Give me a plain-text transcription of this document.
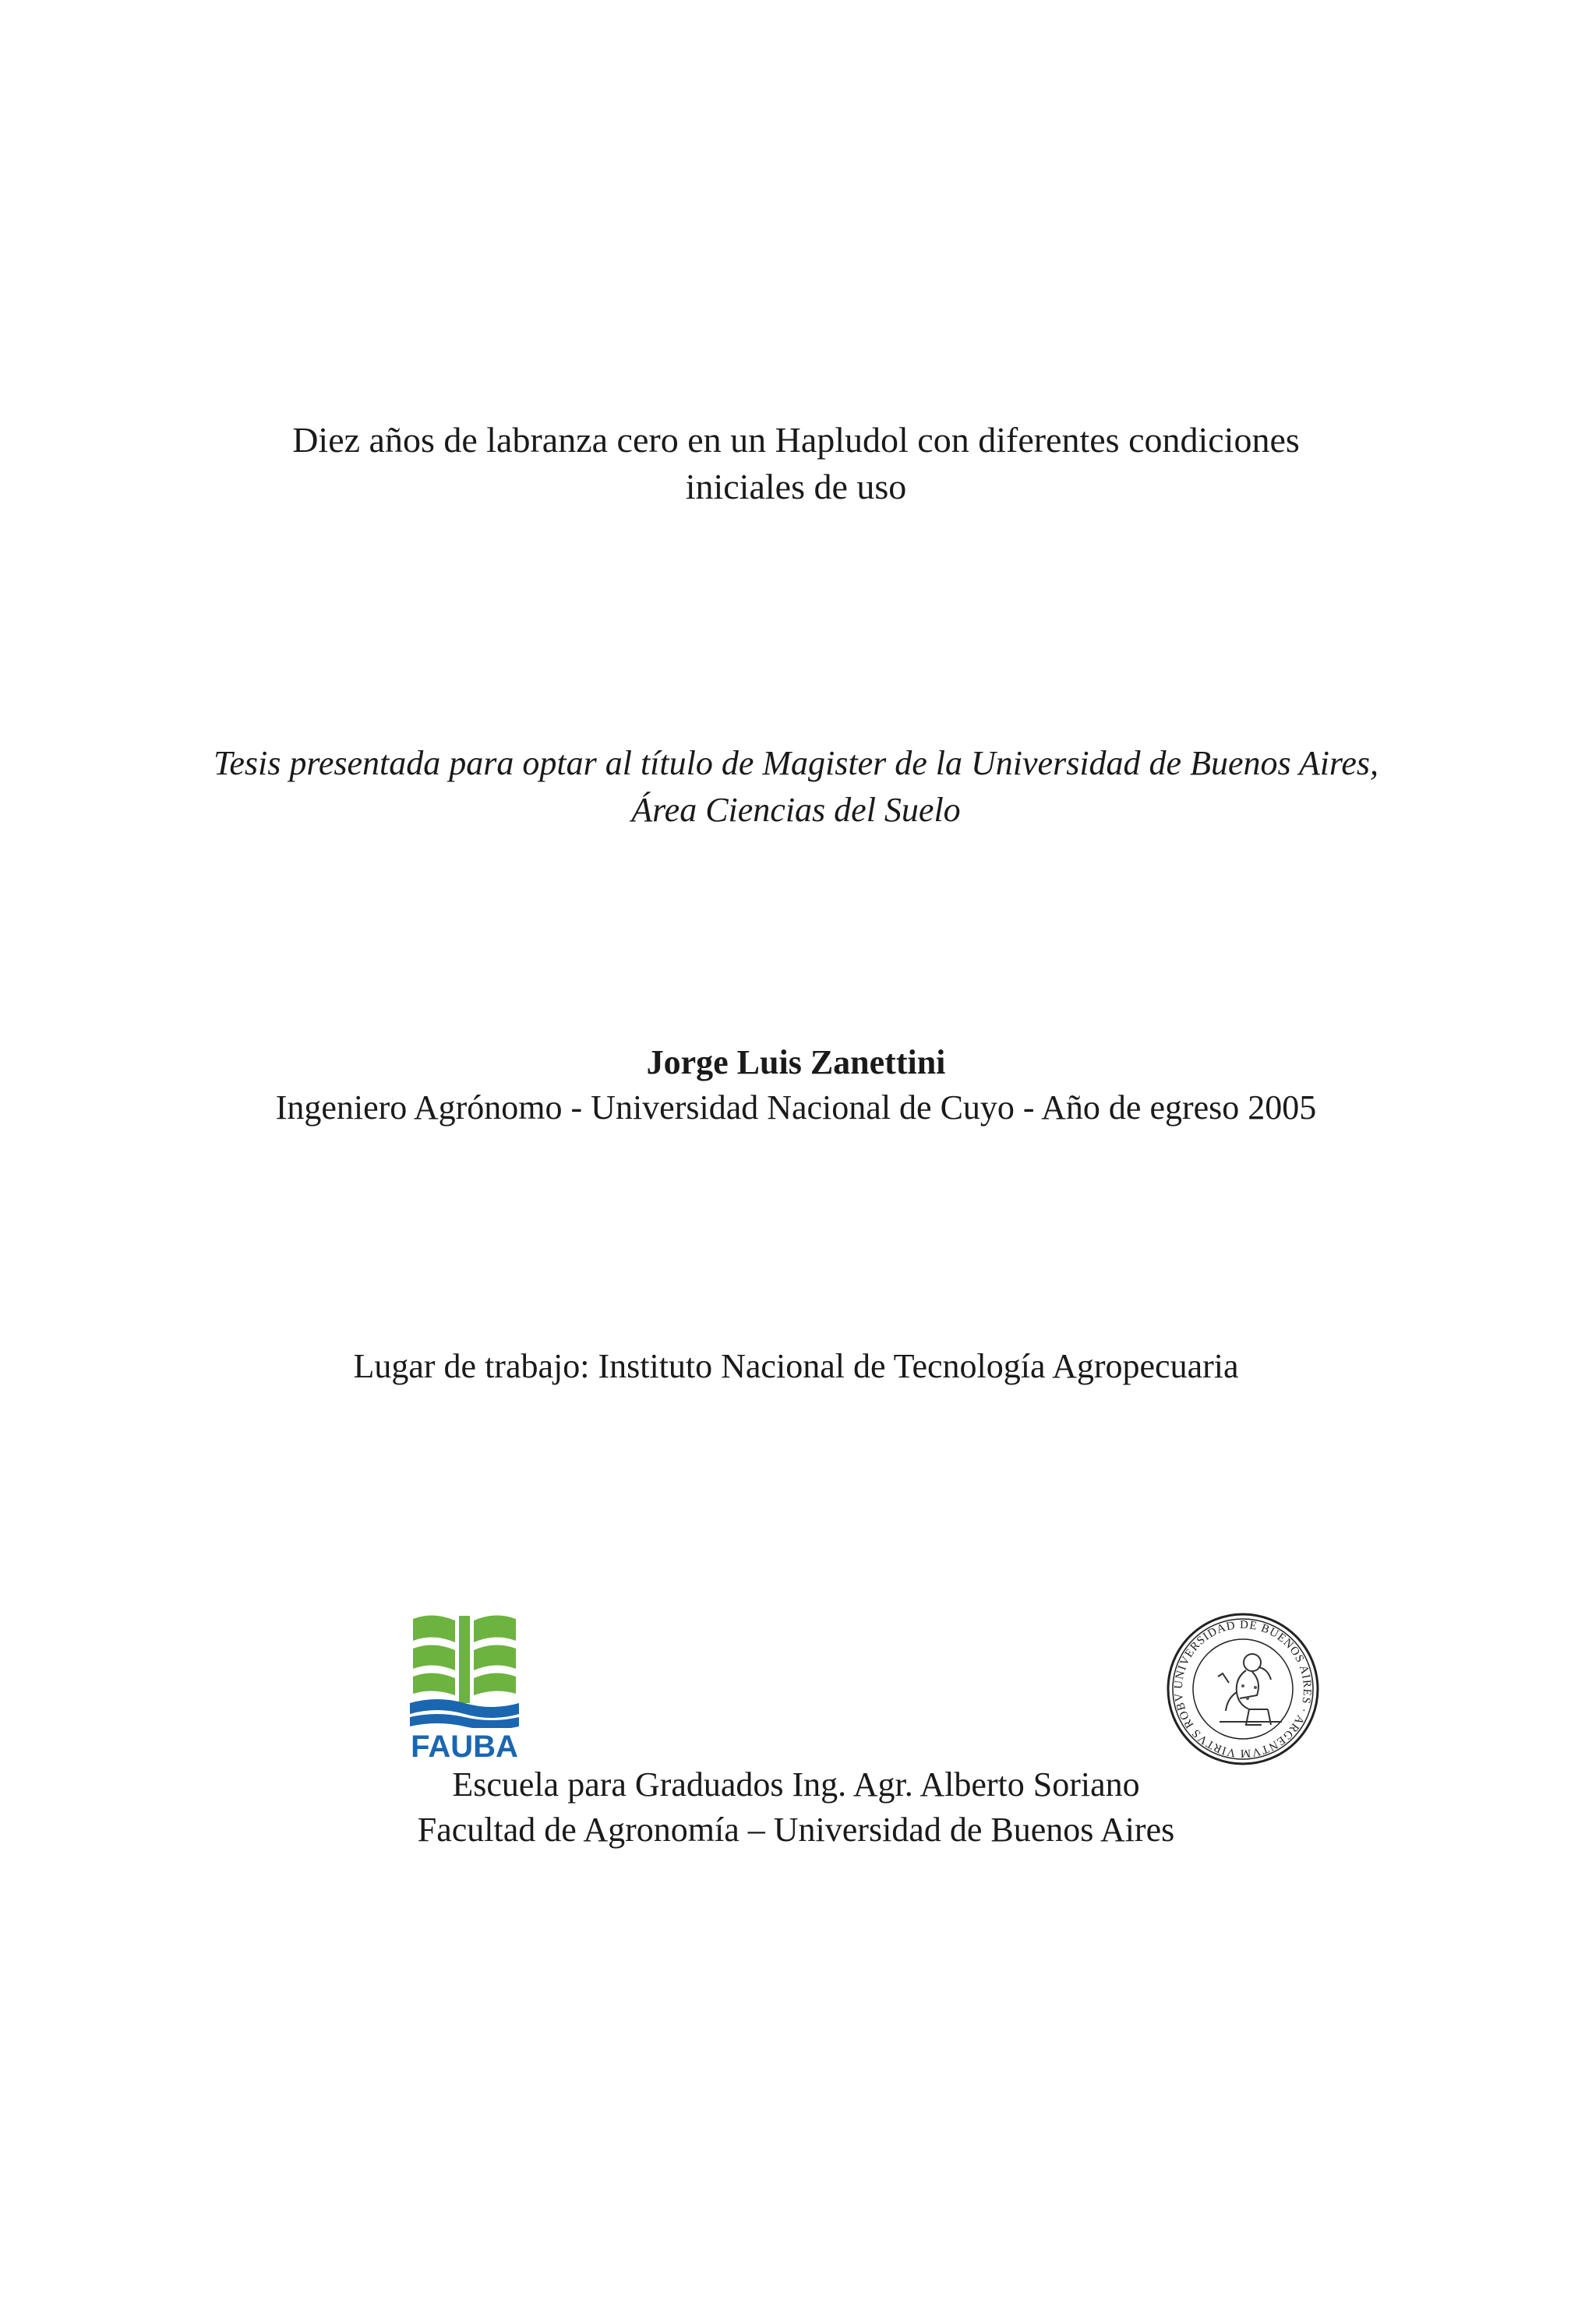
Diez años de labranza cero en un Hapludol con diferentes condiciones
iniciales de uso
Tesis presentada para optar al título de Magister de la Universidad de Buenos Aires,
Área Ciencias del Suelo
Jorge Luis Zanettini
Ingeniero Agrónomo - Universidad Nacional de Cuyo - Año de egreso 2005
Lugar de trabajo: Instituto Nacional de Tecnología Agropecuaria
FAUBA
UNIVERSIDAD DE BUENOS AIRES · ARGENTVM VIRTVS ROBV
Escuela para Graduados Ing. Agr. Alberto Soriano
Facultad de Agronomía – Universidad de Buenos Aires
